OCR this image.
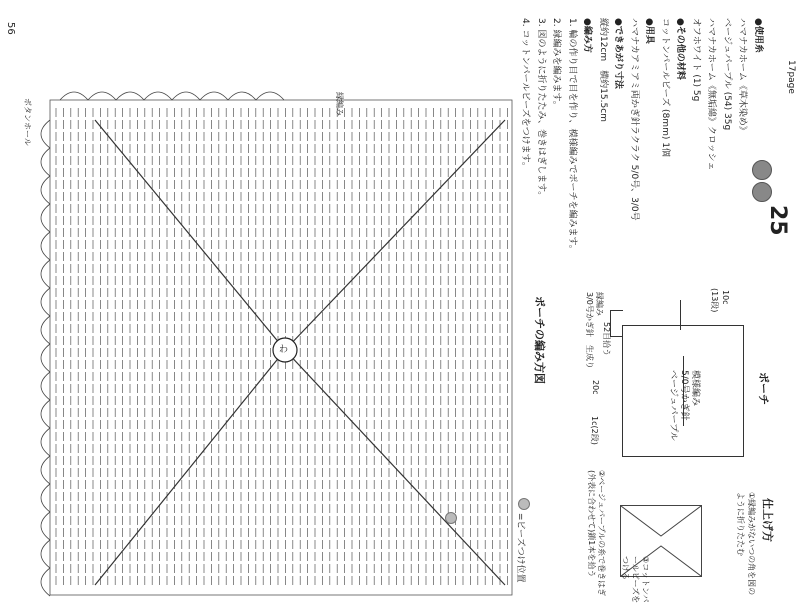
56
わ
縁編み
ボタンホール
ポーチの編み方図
=ビーズつけ位置
ポーチ
10c
(13段)
模様編み
5/0号かぎ針
ベージュパープル
縁編み
3/0号かぎ針　生成り 52目拾う
20c
1c(2段)
仕上げ方
①縁編みがないつの角を図のように折りたたむ
②ベージュパープルの糸で巻きはぎ(外表に合わせて)鎖1本を拾う
③コットンパールビーズをつける
17page
25
●使用糸
ハマナカホーム《草木染め》
ベージュパープル (54) 35g
ハマナカホーム《無垢綿》クロッシェ
オフホワイト (1) 5g
●その他の材料
コットンパールビーズ (8mm) 1個
●用具
ハマナカアミアミ両かぎ針ラクラク 5/0号、3/0号
●できあがり寸法
縦約12cm　横約15.5cm
●編み方
1. 輪の作り目で目を作り、模様編みでポーチを編みます。
2. 縁編みを編みます。
3. 図のように折りたたみ、巻きはぎします。
4. コットンパールビーズをつけます。
